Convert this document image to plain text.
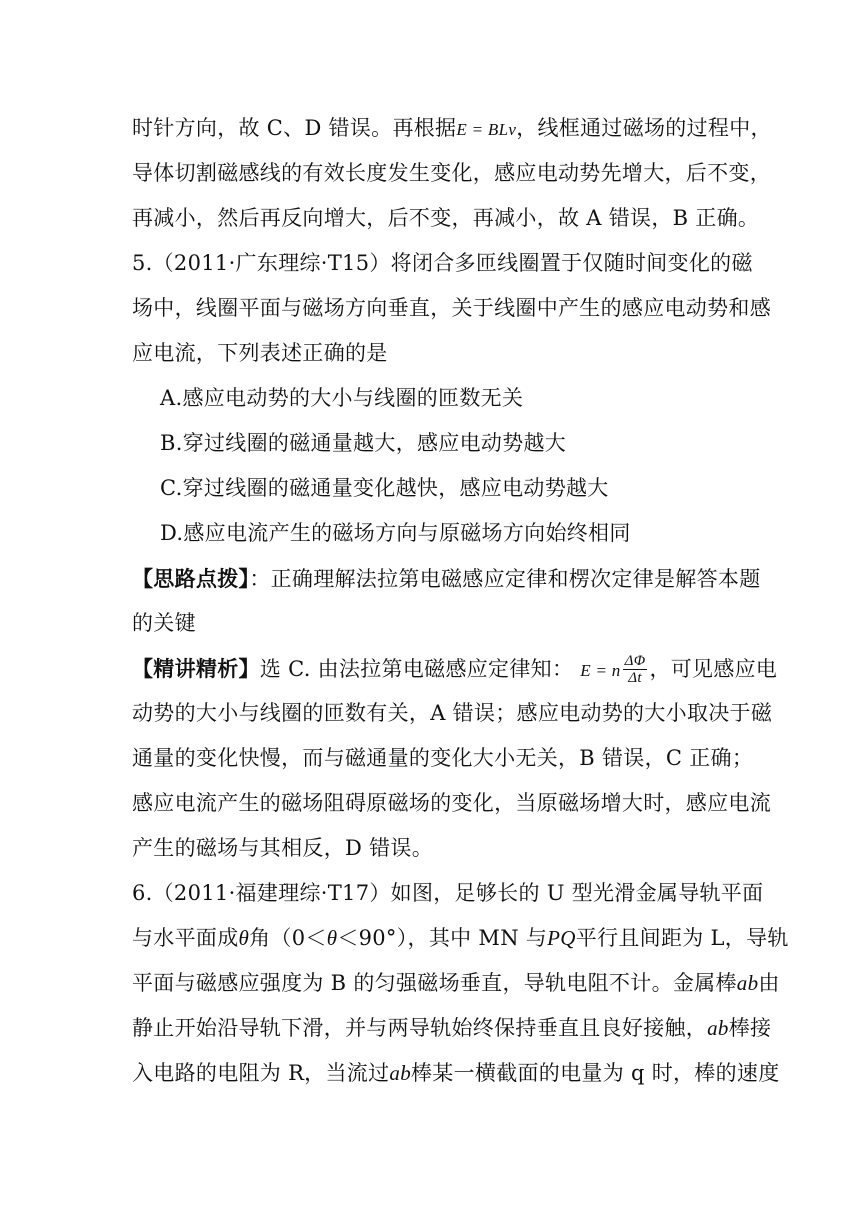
时针方向，故 C、D 错误。再根据E = BLv，线框通过磁场的过程中，
导体切割磁感线的有效长度发生变化，感应电动势先增大，后不变，
再减小，然后再反向增大，后不变，再减小，故 A 错误，B 正确。
5.（2011·广东理综·T15）将闭合多匝线圈置于仅随时间变化的磁
场中，线圈平面与磁场方向垂直，关于线圈中产生的感应电动势和感
应电流，下列表述正确的是
A.感应电动势的大小与线圈的匝数无关
B.穿过线圈的磁通量越大，感应电动势越大
C.穿过线圈的磁通量变化越快，感应电动势越大
D.感应电流产生的磁场方向与原磁场方向始终相同
【思路点拨】：正确理解法拉第电磁感应定律和楞次定律是解答本题
的关键
【精讲精析】选 C. 由法拉第电磁感应定律知： E = n $\frac{\Delta\Phi}{\Delta t}$ ，可见感应电
动势的大小与线圈的匝数有关，A 错误；感应电动势的大小取决于磁
通量的变化快慢，而与磁通量的变化大小无关，B 错误，C 正确；
感应电流产生的磁场阻碍原磁场的变化，当原磁场增大时，感应电流
产生的磁场与其相反，D 错误。
6.（2011·福建理综·T17）如图，足够长的 U 型光滑金属导轨平面
与水平面成θ角（0＜θ＜90°），其中 MN 与PQ平行且间距为 L，导轨
平面与磁感应强度为 B 的匀强磁场垂直，导轨电阻不计。金属棒ab由
静止开始沿导轨下滑，并与两导轨始终保持垂直且良好接触，ab棒接
入电路的电阻为 R，当流过ab棒某一横截面的电量为 q 时，棒的速度
